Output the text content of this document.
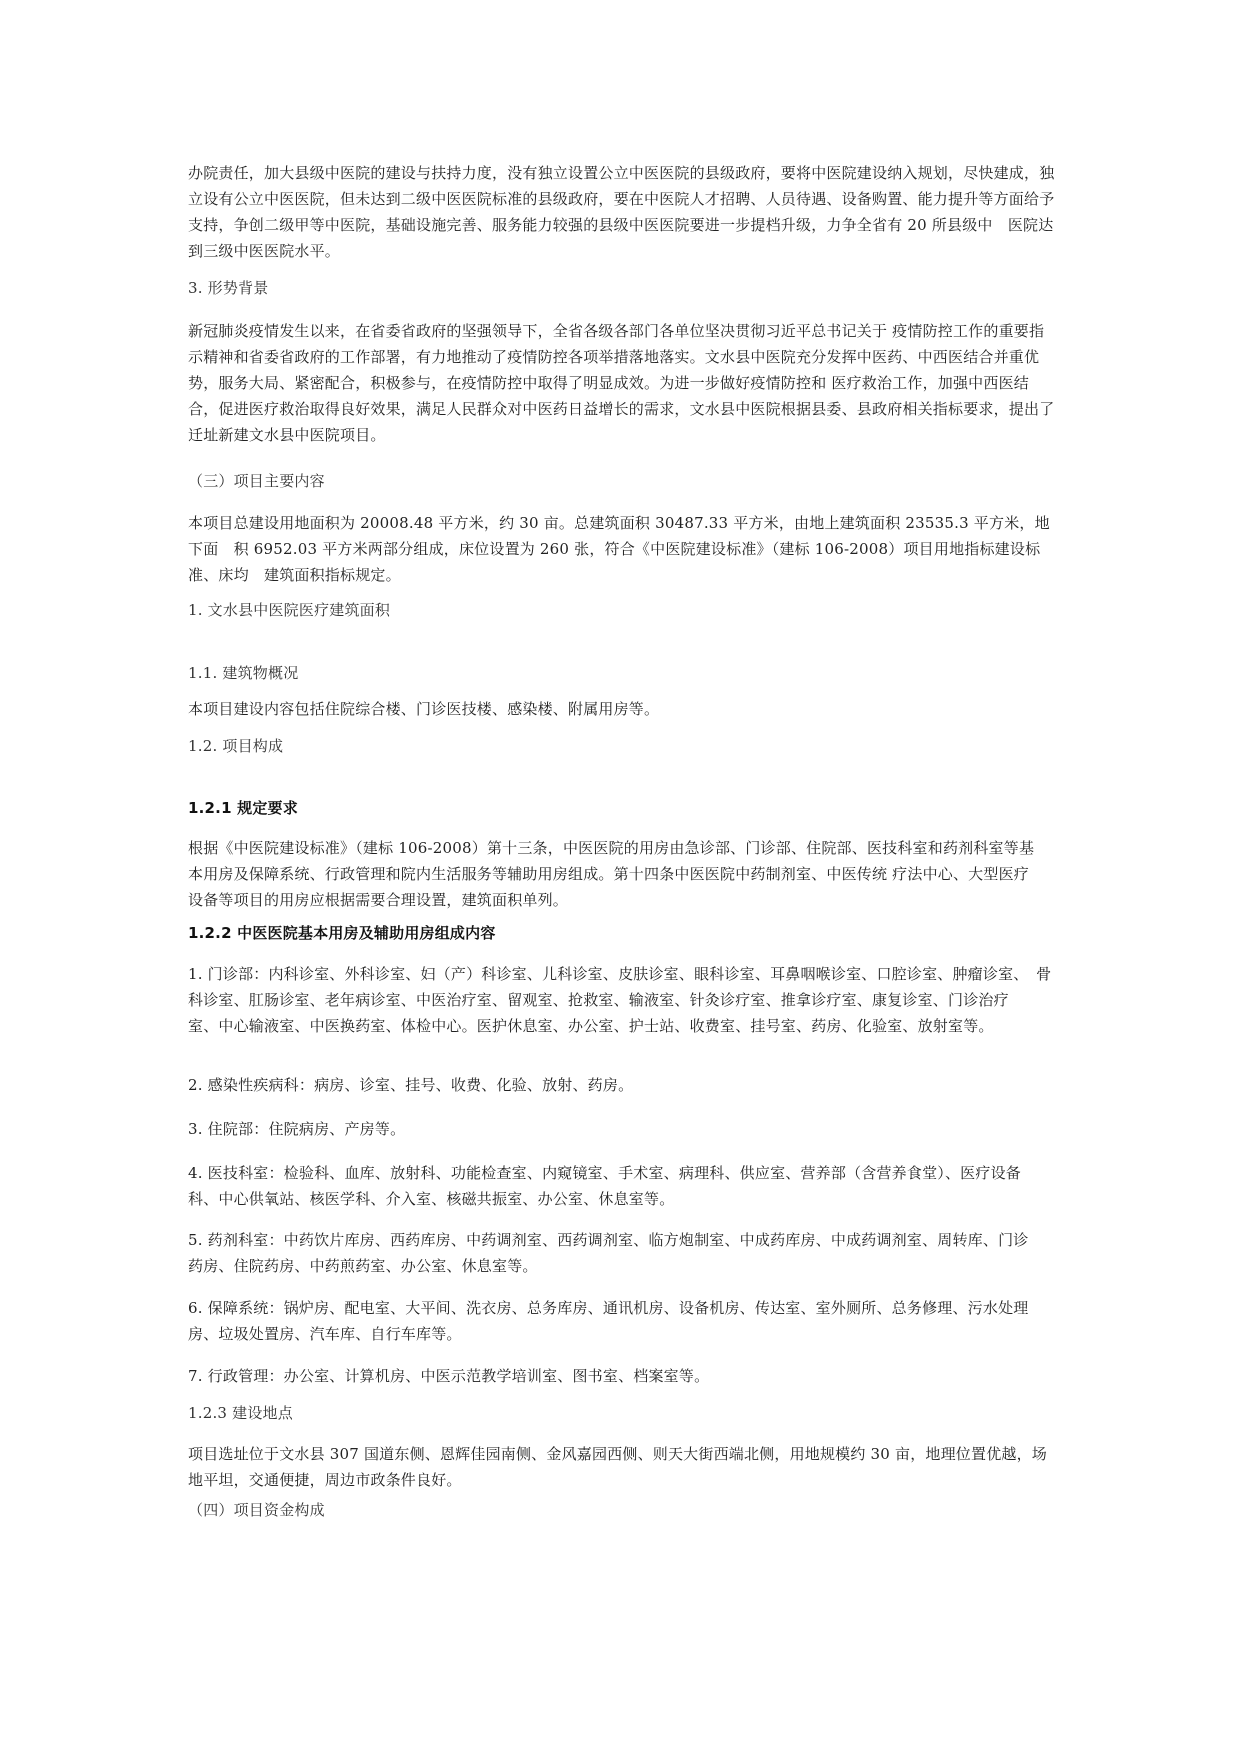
办院责任，加大县级中医院的建设与扶持力度，没有独立设置公立中医医院的县级政府，要将中医院建设纳入规划，尽快建成，独立设有公立中医医院，但未达到二级中医医院标准的县级政府，要在中医院人才招聘、人员待遇、设备购置、能力提升等方面给予支持，争创二级甲等中医院，基础设施完善、服务能力较强的县级中医医院要进一步提档升级，力争全省有 20 所县级中　医院达到三级中医医院水平。

3. 形势背景

新冠肺炎疫情发生以来，在省委省政府的坚强领导下，全省各级各部门各单位坚决贯彻习近平总书记关于 疫情防控工作的重要指示精神和省委省政府的工作部署，有力地推动了疫情防控各项举措落地落实。文水县中医院充分发挥中医药、中西医结合并重优势，服务大局、紧密配合，积极参与，在疫情防控中取得了明显成效。为进一步做好疫情防控和 医疗救治工作，加强中西医结合，促进医疗救治取得良好效果，满足人民群众对中医药日益增长的需求，文水县中医院根据县委、县政府相关指标要求，提出了迁址新建文水县中医院项目。

（三）项目主要内容

本项目总建设用地面积为 20008.48 平方米，约 30 亩。总建筑面积 30487.33 平方米，由地上建筑面积 23535.3 平方米，地下面　积 6952.03 平方米两部分组成，床位设置为 260 张，符合《中医院建设标准》（建标 106-2008）项目用地指标建设标准、床均　建筑面积指标规定。

1. 文水县中医院医疗建筑面积

1.1. 建筑物概况

本项目建设内容包括住院综合楼、门诊医技楼、感染楼、附属用房等。

1.2. 项目构成

1.2.1 规定要求

根据《中医院建设标准》（建标 106-2008）第十三条，中医医院的用房由急诊部、门诊部、住院部、医技科室和药剂科室等基　本用房及保障系统、行政管理和院内生活服务等辅助用房组成。第十四条中医医院中药制剂室、中医传统 疗法中心、大型医疗　设备等项目的用房应根据需要合理设置，建筑面积单列。

1.2.2 中医医院基本用房及辅助用房组成内容

1. 门诊部：内科诊室、外科诊室、妇（产）科诊室、儿科诊室、皮肤诊室、眼科诊室、耳鼻咽喉诊室、口腔诊室、肿瘤诊室、　骨科诊室、肛肠诊室、老年病诊室、中医治疗室、留观室、抢救室、输液室、针灸诊疗室、推拿诊疗室、康复诊室、门诊治疗　　室、中心输液室、中医换药室、体检中心。医护休息室、办公室、护士站、收费室、挂号室、药房、化验室、放射室等。

2. 感染性疾病科：病房、诊室、挂号、收费、化验、放射、药房。

3. 住院部：住院病房、产房等。

4. 医技科室：检验科、血库、放射科、功能检查室、内窥镜室、手术室、病理科、供应室、营养部（含营养食堂）、医疗设备　科、中心供氧站、核医学科、介入室、核磁共振室、办公室、休息室等。

5. 药剂科室：中药饮片库房、西药库房、中药调剂室、西药调剂室、临方炮制室、中成药库房、中成药调剂室、周转库、门诊　药房、住院药房、中药煎药室、办公室、休息室等。

6. 保障系统：锅炉房、配电室、大平间、洗衣房、总务库房、通讯机房、设备机房、传达室、室外厕所、总务修理、污水处理　房、垃圾处置房、汽车库、自行车库等。

7. 行政管理：办公室、计算机房、中医示范教学培训室、图书室、档案室等。

1.2.3 建设地点

项目选址位于文水县 307 国道东侧、恩辉佳园南侧、金风嘉园西侧、则天大街西端北侧，用地规模约 30 亩，地理位置优越，场　地平坦，交通便捷，周边市政条件良好。

（四）项目资金构成
